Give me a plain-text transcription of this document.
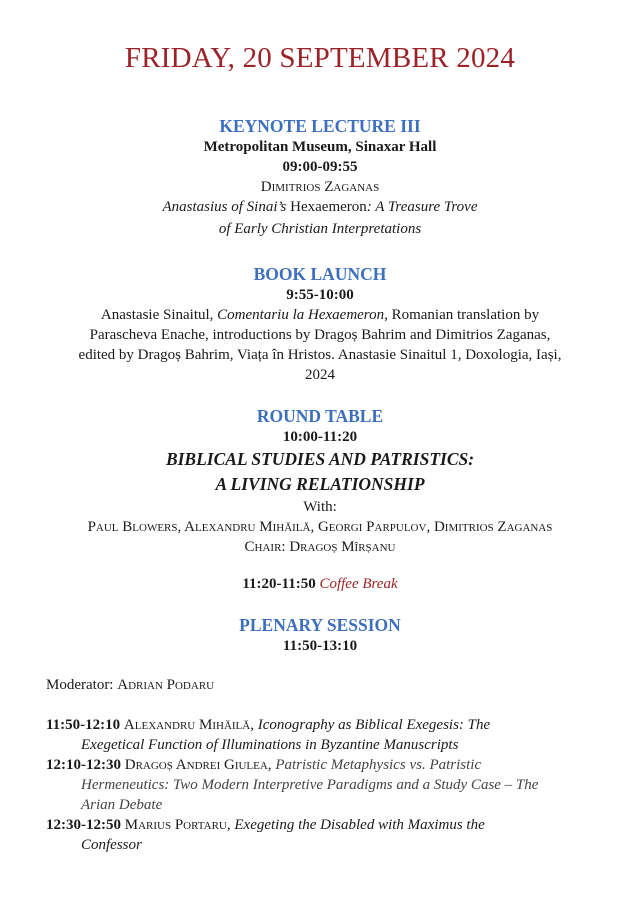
FRIDAY, 20 SEPTEMBER 2024
KEYNOTE LECTURE III
Metropolitan Museum, Sinaxar Hall
09:00-09:55
Dimitrios Zaganas
Anastasius of Sinai’s Hexaemeron: A Treasure Trove
of Early Christian Interpretations
BOOK LAUNCH
9:55-10:00
Anastasie Sinaitul, Comentariu la Hexaemeron, Romanian translation by
Parascheva Enache, introductions by Dragoș Bahrim and Dimitrios Zaganas,
edited by Dragoș Bahrim, Viața în Hristos. Anastasie Sinaitul 1, Doxologia, Iași,
2024
ROUND TABLE
10:00-11:20
BIBLICAL STUDIES AND PATRISTICS:
A LIVING RELATIONSHIP
With:
Paul Blowers, Alexandru Mihăilă, Georgi Parpulov, Dimitrios Zaganas
Chair: Dragoș Mîrșanu
11:20-11:50 Coffee Break
PLENARY SESSION
11:50-13:10
Moderator: Adrian Podaru
11:50-12:10 Alexandru Mihăilă, Iconography as Biblical Exegesis: The
Exegetical Function of Illuminations in Byzantine Manuscripts
12:10-12:30 Dragoș Andrei Giulea, Patristic Metaphysics vs. Patristic
Hermeneutics: Two Modern Interpretive Paradigms and a Study Case – The
Arian Debate
12:30-12:50 Marius Portaru, Exegeting the Disabled with Maximus the
Confessor
